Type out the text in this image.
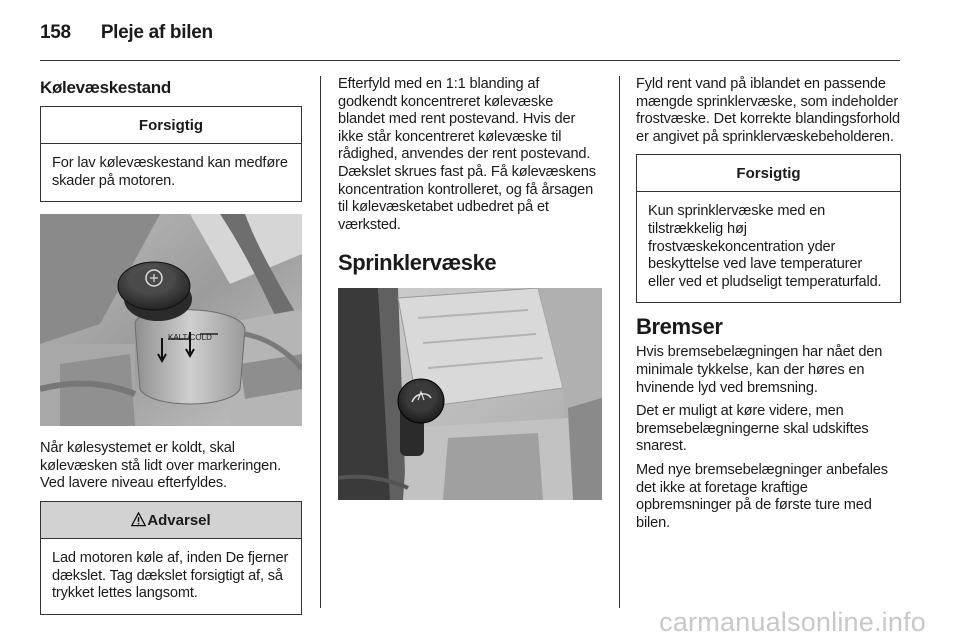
158 Pleje af bilen
Kølevæskestand
Forsigtig
For lav kølevæskestand kan medføre skader på motoren.
KALT/COLD

Når kølesystemet er koldt, skal kølevæsken stå lidt over markeringen. Ved lavere niveau efterfyldes.

Advarsel
Lad motoren køle af, inden De fjerner dækslet. Tag dækslet forsigtigt af, så trykket lettes langsomt.

Efterfyld med en 1:1 blanding af godkendt koncentreret kølevæske blandet med rent postevand. Hvis der ikke står koncentreret kølevæske til rådighed, anvendes der rent postevand. Dækslet skrues fast på. Få kølevæskens koncentration kontrolleret, og få årsagen til kølevæsketabet udbedret på et værksted.

Sprinklervæske

Fyld rent vand på iblandet en passende mængde sprinklervæske, som indeholder frostvæske. Det korrekte blandingsforhold er angivet på sprinklervæskebeholderen.

Forsigtig
Kun sprinklervæske med en tilstrækkelig høj frostvæskekoncentration yder beskyttelse ved lave temperaturer eller ved et pludseligt temperaturfald.
Bremser

Hvis bremsebelægningen har nået den minimale tykkelse, kan der høres en hvinende lyd ved bremsning.

Det er muligt at køre videre, men bremsebelægningerne skal udskiftes snarest.

Med nye bremsebelægninger anbefales det ikke at foretage kraftige opbremsninger på de første ture med bilen.

carmanualsonline.info
